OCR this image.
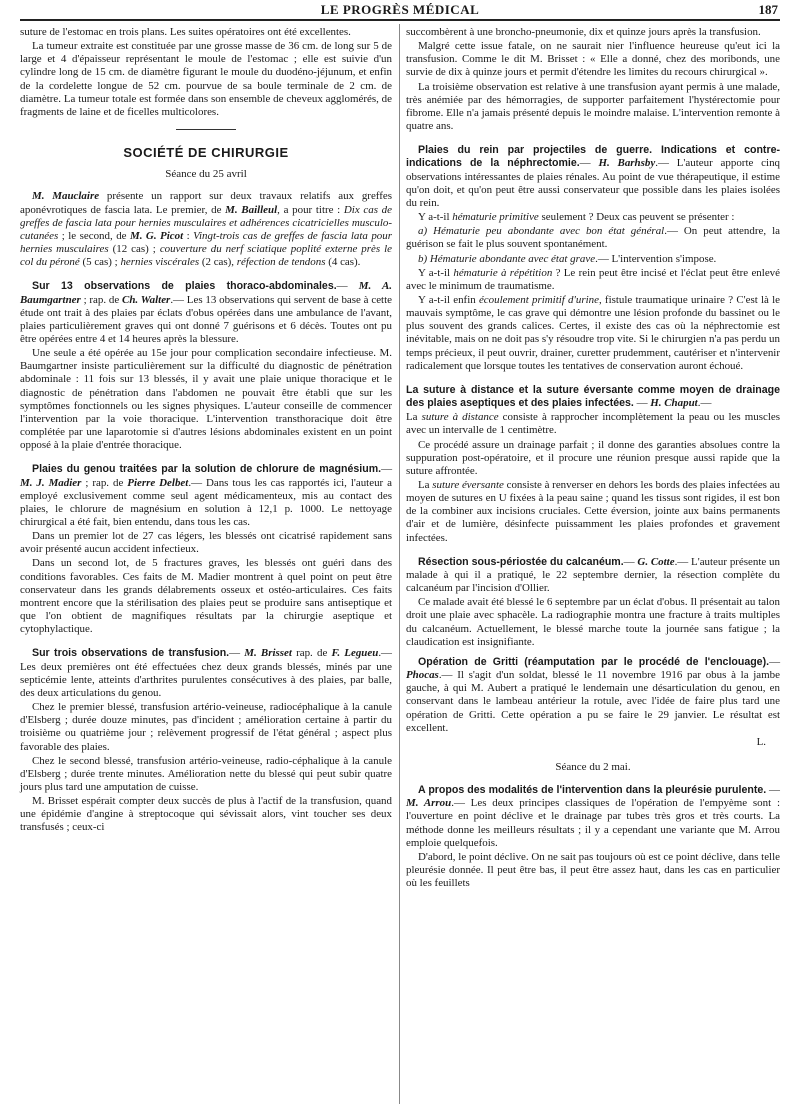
LE PROGRÈS MÉDICAL	187

suture de l'estomac en trois plans. Les suites opératoires ont été excellentes.

La tumeur extraite est constituée par une grosse masse de 36 cm. de long sur 5 de large et 4 d'épaisseur représentant le moule de l'estomac ; elle est suivie d'un cylindre long de 15 cm. de diamètre figurant le moule du duodéno-jéjunum, et enfin de la cordelette longue de 52 cm. pourvue de sa boule terminale de 2 cm. de diamètre. La tumeur totale est formée dans son ensemble de cheveux agglomérés, de fragments de laine et de ficelles multicolores.

SOCIÉTÉ DE CHIRURGIE
Séance du 25 avril

M. Mauclaire présente un rapport sur deux travaux relatifs aux greffes aponévrotiques de fascia lata. Le premier, de M. Bailleul, a pour titre : Dix cas de greffes de fascia lata pour hernies musculaires et adhérences cicatricielles musculo-cutanées ; le second, de M. G. Picot : Vingt-trois cas de greffes de fascia lata pour hernies musculaires (12 cas) ; couverture du nerf sciatique poplité externe près le col du péroné (5 cas) ; hernies viscérales (2 cas), réfection de tendons (4 cas).

Sur 13 observations de plaies thoraco-abdominales.— M. A. Baumgartner ; rap. de Ch. Walter.— Les 13 observations qui servent de base à cette étude ont trait à des plaies par éclats d'obus opérées dans une ambulance de l'avant, plaies particulièrement graves qui ont donné 7 guérisons et 6 décès. Toutes ont pu être opérées entre 4 et 14 heures après la blessure.

Une seule a été opérée au 15e jour pour complication secondaire infectieuse. M. Baumgartner insiste particulièrement sur la difficulté du diagnostic de pénétration abdominale : 11 fois sur 13 blessés, il y avait une plaie unique thoracique et le diagnostic de pénétration dans l'abdomen ne pouvait être établi que sur les symptômes fonctionnels ou les signes physiques. L'auteur conseille de commencer l'intervention par la voie thoracique. L'intervention transthoracique doit être complétée par une laparotomie si d'autres lésions abdominales existent en un point opposé à la plaie d'entrée thoracique.

Plaies du genou traitées par la solution de chlorure de magnésium.— M. J. Madier ; rap. de Pierre Delbet.— Dans tous les cas rapportés ici, l'auteur a employé exclusivement comme seul agent médicamenteux, mis au contact des plaies, le chlorure de magnésium en solution à 12,1 p. 1000. Le nettoyage chirurgical a été fait, bien entendu, dans tous les cas.

Dans un premier lot de 27 cas légers, les blessés ont cicatrisé rapidement sans avoir présenté aucun accident infectieux.

Dans un second lot, de 5 fractures graves, les blessés ont guéri dans des conditions favorables. Ces faits de M. Madier montrent à quel point on peut être conservateur dans les grands délabrements osseux et ostéo-articulaires. Ces faits montrent encore que la stérilisation des plaies peut se produire sans antiseptique et que l'on obtient de magnifiques résultats par la chirurgie aseptique et cytophylactique.

Sur trois observations de transfusion.— M. Brisset rap. de F. Legueu.— Les deux premières ont été effectuées chez deux grands blessés, minés par une septicémie lente, atteints d'arthrites purulentes consécutives à des plaies, par balle, des deux articulations du genou.

Chez le premier blessé, transfusion artério-veineuse, radiocéphalique à la canule d'Elsberg ; durée douze minutes, pas d'incident ; amélioration certaine à partir du troisième ou quatrième jour ; relèvement progressif de l'état général ; aspect plus favorable des plaies.

Chez le second blessé, transfusion artério-veineuse, radio-céphalique à la canule d'Elsberg ; durée trente minutes. Amélioration nette du blessé qui peut subir quatre jours plus tard une amputation de cuisse.

M. Brisset espérait compter deux succès de plus à l'actif de la transfusion, quand une épidémie d'angine à streptocoque qui sévissait alors, vint toucher ses deux transfusés ; ceux-ci

succombèrent à une broncho-pneumonie, dix et quinze jours après la transfusion.

Malgré cette issue fatale, on ne saurait nier l'influence heureuse qu'eut ici la transfusion. Comme le dit M. Brisset : « Elle a donné, chez des moribonds, une survie de dix à quinze jours et permit d'étendre les limites du recours chirurgical ».

La troisième observation est relative à une transfusion ayant permis à une malade, très anémiée par des hémorragies, de supporter parfaitement l'hystérectomie pour fibrome. Elle n'a jamais présenté depuis le moindre malaise. L'intervention remonte à quatre ans.

Plaies du rein par projectiles de guerre. Indications et contre-indications de la néphrectomie.— H. Barhsby.— L'auteur apporte cinq observations intéressantes de plaies rénales. Au point de vue thérapeutique, il estime qu'on doit, et qu'on peut être aussi conservateur que possible dans les plaies isolées du rein.

Y a-t-il hématurie primitive seulement ? Deux cas peuvent se présenter :

a) Hématurie peu abondante avec bon état général.— On peut attendre, la guérison se fait le plus souvent spontanément.

b) Hématurie abondante avec état grave.— L'intervention s'impose.

Y a-t-il hématurie à répétition ? Le rein peut être incisé et l'éclat peut être enlevé avec le minimum de traumatisme.

Y a-t-il enfin écoulement primitif d'urine, fistule traumatique urinaire ? C'est là le mauvais symptôme, le cas grave qui démontre une lésion profonde du bassinet ou le plus souvent des grands calices. Certes, il existe des cas où la néphrectomie est inévitable, mais on ne doit pas s'y résoudre trop vite. Si le chirurgien n'a pas perdu un temps précieux, il peut ouvrir, drainer, curetter prudemment, cautériser et n'intervenir radicalement que lorsque toutes les tentatives de conservation auront échoué.

La suture à distance et la suture éversante comme moyen de drainage des plaies aseptiques et des plaies infectées. — H. Chaput.—

La suture à distance consiste à rapprocher incomplètement la peau ou les muscles avec un intervalle de 1 centimètre.

Ce procédé assure un drainage parfait ; il donne des garanties absolues contre la suppuration post-opératoire, et il procure une réunion presque aussi rapide que la suture affrontée.

La suture éversante consiste à renverser en dehors les bords des plaies infectées au moyen de sutures en U fixées à la peau saine ; quand les tissus sont rigides, il est bon de la combiner aux incisions cruciales. Cette éversion, jointe aux bains permanents d'air et de lumière, désinfecte puissamment les plaies profondes et gravement infectées.

Résection sous-périostée du calcanéum.— G. Cotte.— L'auteur présente un malade à qui il a pratiqué, le 22 septembre dernier, la résection complète du calcanéum par l'incision d'Ollier.

Ce malade avait été blessé le 6 septembre par un éclat d'obus. Il présentait au talon droit une plaie avec sphacèle. La radiographie montra une fracture à traits multiples du calcanéum. Actuellement, le blessé marche toute la journée sans fatigue ; la claudication est insignifiante.

Opération de Gritti (réamputation par le procédé de l'enclouage).— Phocas.— Il s'agit d'un soldat, blessé le 11 novembre 1916 par obus à la jambe gauche, à qui M. Aubert a pratiqué le lendemain une désarticulation du genou, en conservant dans le lambeau antérieur la rotule, avec l'idée de faire plus tard une opération de Gritti. Cette opération a pu se faire le 29 janvier. Le résultat est excellent.

L.
Séance du 2 mai.

A propos des modalités de l'intervention dans la pleurésie purulente. — M. Arrou.— Les deux principes classiques de l'opération de l'empyème sont : l'ouverture en point déclive et le drainage par tubes très gros et très courts. La méthode donne les meilleurs résultats ; il y a cependant une variante que M. Arrou emploie quelquefois.

D'abord, le point déclive. On ne sait pas toujours où est ce point déclive, dans telle pleurésie donnée. Il peut être bas, il peut être assez haut, dans les cas en particulier où les feuillets
